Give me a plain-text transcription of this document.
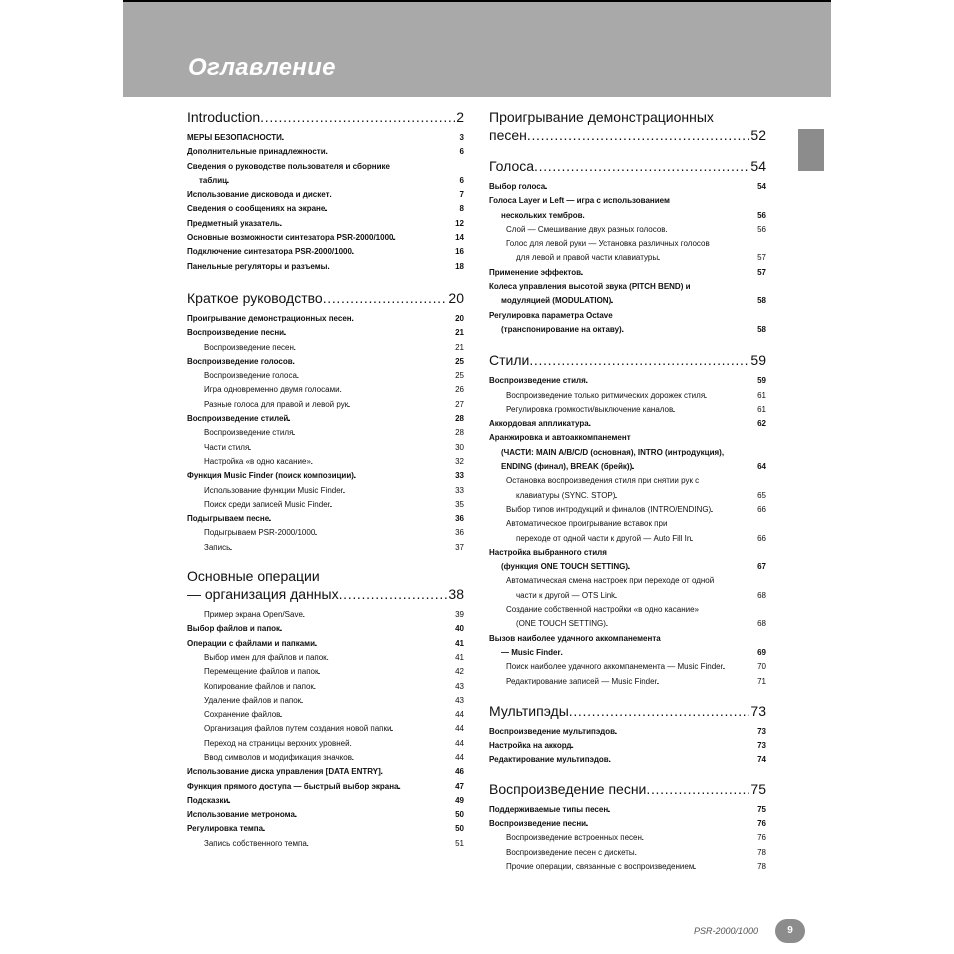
Оглавление
Introduction . . .	2
МЕРЫ БЕЗОПАСНОСТИ . . .	3
Дополнительные принадлежности . . .	6
Сведения о руководстве пользователя и сборнике
таблиц . . .	6
Использование дисковода и дискет . . .	7
Сведения о сообщениях на экране . . .	8
Предметный указатель . . .	12
Основные возможности синтезатора PSR-2000/1000 . . .	14
Подключение синтезатора PSR-2000/1000 . . .	16
Панельные регуляторы и разъемы . . .	18
Краткое руководство . . .	20
Проигрывание демонстрационных песен . . .	20
Воспроизведение песни . . .	21
Воспроизведение песен . . .	21
Воспроизведение голосов . . .	25
Воспроизведение голоса . . .	25
Игра одновременно двумя голосами . . .	26
Разные голоса для правой и левой рук . . .	27
Воспроизведение стилей . . .	28
Воспроизведение стиля . . .	28
Части стиля . . .	30
Настройка «в одно касание» . . .	32
Функция Music Finder (поиск композиции) . . .	33
Использование функции Music Finder . . .	33
Поиск среди записей Music Finder . . .	35
Подыгрываем песне . . .	36
Подыгрываем PSR-2000/1000 . . .	36
Запись . . .	37
Основные операции
— организация данных . . .	38
Пример экрана Open/Save . . .	39
Выбор файлов и папок . . .	40
Операции с файлами и папками . . .	41
Выбор имен для файлов и папок . . .	41
Перемещение файлов и папок . . .	42
Копирование файлов и папок . . .	43
Удаление файлов и папок . . .	43
Сохранение файлов . . .	44
Организация файлов путем создания новой папки . . .	44
Переход на страницы верхних уровней . . .	44
Ввод символов и модификация значков . . .	44
Использование диска управления [DATA ENTRY] . . .	46
Функция прямого доступа — быстрый выбор экрана . . .	47
Подсказки . . .	49
Использование метронома . . .	50
Регулировка темпа . . .	50
Запись собственного темпа . . .	51
Проигрывание демонстрационных
песен . . .	52
Голоса . . .	54
Выбор голоса . . .	54
Голоса Layer и Left — игра с использованием
нескольких тембров . . .	56
Слой — Смешивание двух разных голосов . . .	56
Голос для левой руки — Установка различных голосов
для левой и правой части клавиатуры . . .	57
Применение эффектов . . .	57
Колеса управления высотой звука (PITCH BEND) и
модуляцией (MODULATION) . . .	58
Регулировка параметра Octave
(транспонирование на октаву) . . .	58
Стили . . .	59
Воспроизведение стиля . . .	59
Воспроизведение только ритмических дорожек стиля . . .	61
Регулировка громкости/выключение каналов . . .	61
Аккордовая аппликатура . . .	62
Аранжировка и автоаккомпанемент
(ЧАСТИ: MAIN A/B/C/D (основная), INTRO (интродукция),
ENDING (финал), BREAK (брейк)) . . .	64
Остановка воспроизведения стиля при снятии рук с
клавиатуры (SYNC. STOP) . . .	65
Выбор типов интродукций и финалов (INTRO/ENDING) . . .	66
Автоматическое проигрывание вставок при
переходе от одной части к другой — Auto Fill In . . .	66
Настройка выбранного стиля
(функция ONE TOUCH SETTING) . . .	67
Автоматическая смена настроек при переходе от одной
части к другой — OTS Link . . .	68
Создание собственной настройки «в одно касание»
(ONE TOUCH SETTING) . . .	68
Вызов наиболее удачного аккомпанемента
— Music Finder . . .	69
Поиск наиболее удачного аккомпанемента — Music Finder . . .	70
Редактирование записей — Music Finder . . .	71
Мультипэды . . .	73
Воспроизведение мультипэдов . . .	73
Настройка на аккорд . . .	73
Редактирование мультипэдов . . .	74
Воспроизведение песни . . .	75
Поддерживаемые типы песен . . .	75
Воспроизведение песни . . .	76
Воспроизведение встроенных песен . . .	76
Воспроизведение песен с дискеты . . .	78
Прочие операции, связанные с воспроизведением . . .	78
PSR-2000/1000	9
